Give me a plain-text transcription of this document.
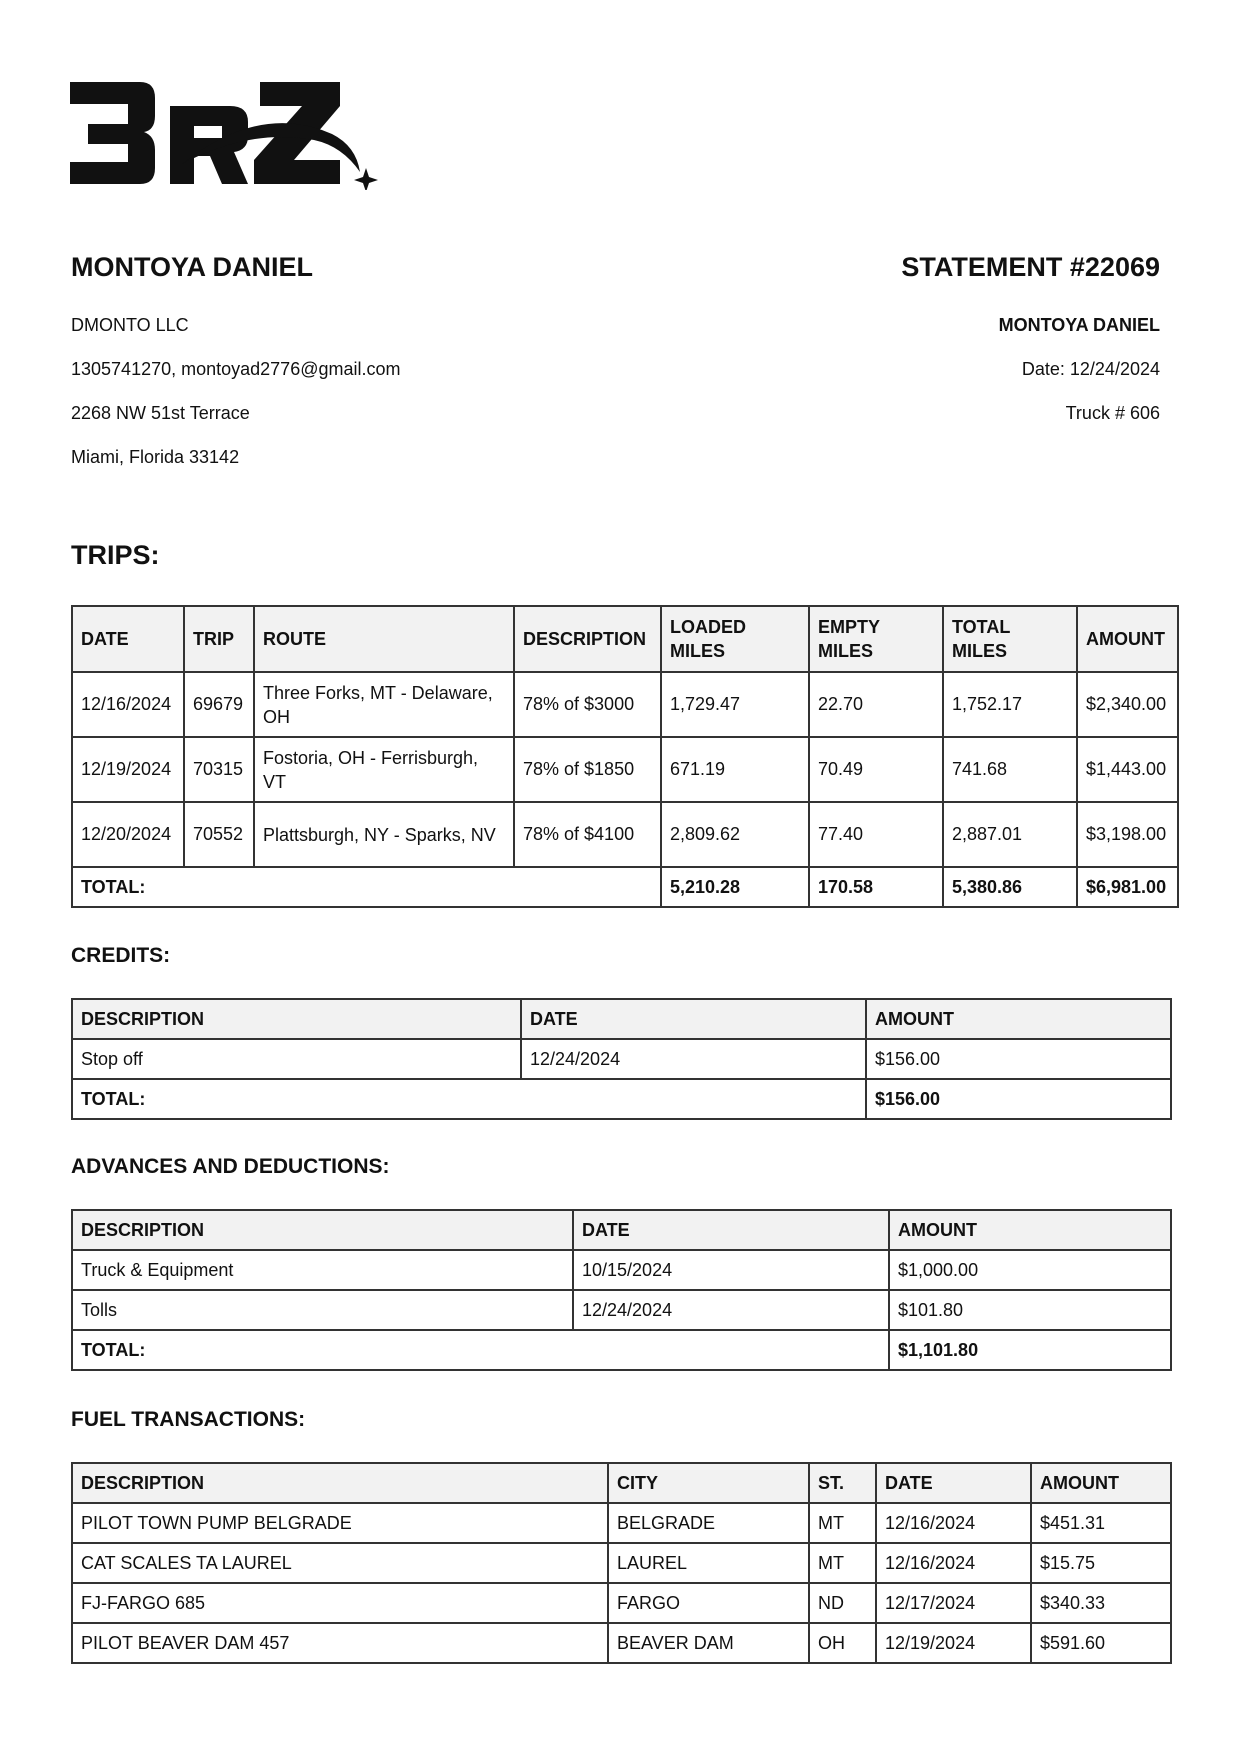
MONTOYA DANIEL
DMONTO LLC
1305741270, montoyad2776@gmail.com
2268 NW 51st Terrace
Miami, Florida 33142
STATEMENT #22069
MONTOYA DANIEL
Date: 12/24/2024
Truck # 606
TRIPS:
DATE	TRIP	ROUTE	DESCRIPTION	LOADED MILES	EMPTY MILES	TOTAL MILES	AMOUNT
12/16/2024	69679	Three Forks, MT - Delaware, OH	78% of $3000	1,729.47	22.70	1,752.17	$2,340.00
12/19/2024	70315	Fostoria, OH - Ferrisburgh, VT	78% of $1850	671.19	70.49	741.68	$1,443.00
12/20/2024	70552	Plattsburgh, NY - Sparks, NV	78% of $4100	2,809.62	77.40	2,887.01	$3,198.00
TOTAL:				5,210.28	170.58	5,380.86	$6,981.00
CREDITS:
DESCRIPTION	DATE	AMOUNT
Stop off	12/24/2024	$156.00
TOTAL:		$156.00
ADVANCES AND DEDUCTIONS:
DESCRIPTION	DATE	AMOUNT
Truck & Equipment	10/15/2024	$1,000.00
Tolls	12/24/2024	$101.80
TOTAL:		$1,101.80
FUEL TRANSACTIONS:
DESCRIPTION	CITY	ST.	DATE	AMOUNT
PILOT TOWN PUMP BELGRADE	BELGRADE	MT	12/16/2024	$451.31
CAT SCALES TA LAUREL	LAUREL	MT	12/16/2024	$15.75
FJ-FARGO 685	FARGO	ND	12/17/2024	$340.33
PILOT BEAVER DAM 457	BEAVER DAM	OH	12/19/2024	$591.60
